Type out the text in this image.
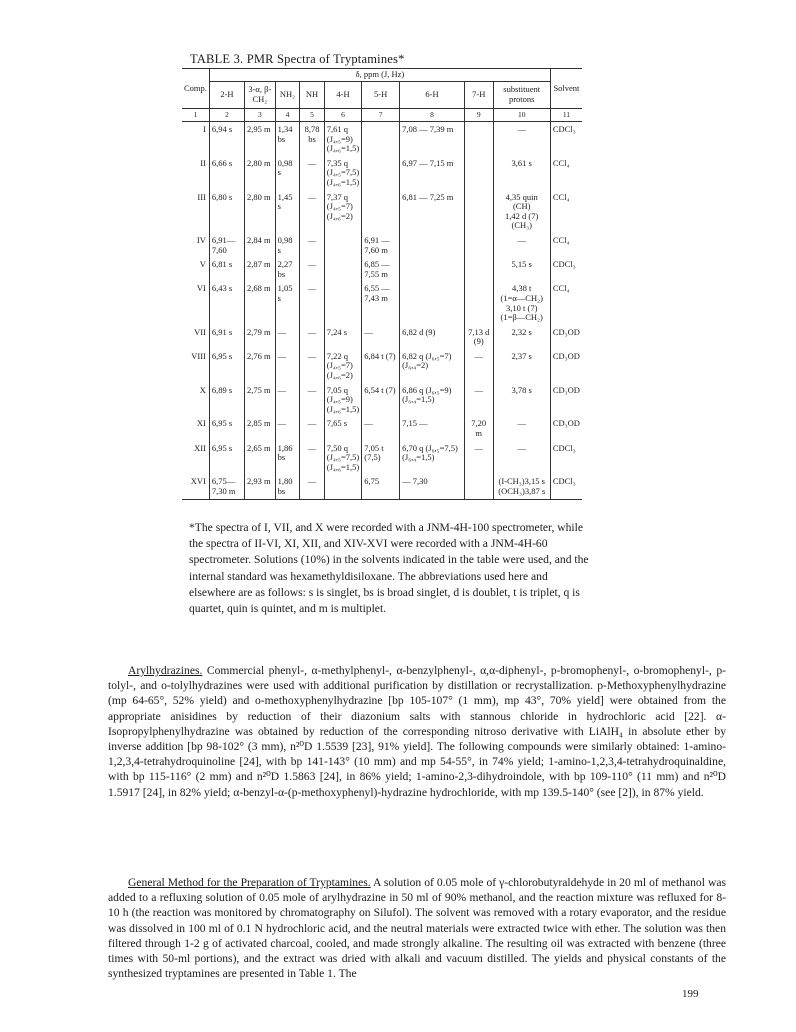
TABLE 3. PMR Spectra of Tryptamines*
Comp.	δ, ppm (J, Hz)									Solvent
	2-H	3-α, β-CH₂	NH₂	NH	4-H	5-H	6-H	7-H	substituent protons	
1	2	3	4	5	6	7	8	9	10	11
I	6,94 s	2,95 m	1,34 bs	8,78 bs	7,61 q
(J₄,₅=9)
(J₄,₆=1,5)		7,08 — 7,39 m		—	CDCl₃
II	6,66 s	2,80 m	0,98 s	—	7,35 q
(J₄,₅=7,5)
(J₄,₆=1,5)		6,97 — 7,15 m		3,61 s	CCl₄
III	6,80 s	2,80 m	1,45 s	—	7,37 q
(J₄,₅=7)
(J₄,₆=2)		6,81 — 7,25 m		4,35 quin
(CH)
1,42 d (7)
(CH₃)	CCl₄
IV	6,91—7,60	2,84 m	0,98 s	—		6,91 — 7,60 m			—	CCl₄
V	6,81 s	2,87 m	2,27 bs	—		6,85 — 7,55 m			5,15 s	CDCl₃
VI	6,43 s	2,68 m	1,05 s	—		6,55 — 7,43 m			4,38 t
(1=α—CH₂)
3,10 t (7)
(1=β—CH₂)	CCl₄
VII	6,91 s	2,79 m	—	—	7,24 s	—	6,82 d (9)	7,13 d (9)	2,32 s	CD₃OD
VIII	6,95 s	2,76 m	—	—	7,22 q
(J₄,₅=7)
(J₄,₆=2)	6,84 t (7)	6,82 q (J₆,₅=7) (J₆,₄=2)	—	2,37 s	CD₃OD
X	6,89 s	2,75 m	—	—	7,05 q
(J₄,₅=9)
(J₄,₆=1,5)	6,54 t (7)	6,86 q (J₆,₅=9) (J₆,₄=1,5)	—	3,78 s	CD₃OD
XI	6,95 s	2,85 m	—	—	7,65 s	—	7,15 —	7,20 m	—	CD₃OD
XII	6,95 s	2,65 m	1,86 bs	—	7,50 q
(J₄,₅=7,5)
(J₄,₆=1,5)	7,05 t (7,5)	6,70 q (J₆,₅=7,5) (J₆,₄=1,5)	—	—	CDCl₃
XVI	6,75—7,30 m	2,93 m	1,80 bs	—		6,75	— 7,30		(I-CH₃)3,15 s
(OCH₃)3,87 s	CDCl₃

*The spectra of I, VII, and X were recorded with a JNM-4H-100 spectrometer, while the spectra of II-VI, XI, XII, and XIV-XVI were recorded with a JNM-4H-60 spectrometer. Solutions (10%) in the solvents indicated in the table were used, and the internal standard was hexamethyldisiloxane. The abbreviations used here and elsewhere are as follows: s is singlet, bs is broad singlet, d is doublet, t is triplet, q is quartet, quin is quintet, and m is multiplet.

Arylhydrazines. Commercial phenyl-, α-methylphenyl-, α-benzylphenyl-, α,α-diphenyl-, p-bromophenyl-, o-bromophenyl-, p-tolyl-, and o-tolylhydrazines were used with additional purification by distillation or recrystallization. p-Methoxyphenylhydrazine (mp 64-65°, 52% yield) and o-methoxyphenylhydrazine [bp 105-107° (1 mm), mp 43°, 70% yield] were obtained from the appropriate anisidines by reduction of their diazonium salts with stannous chloride in hydrochloric acid [22]. α-Isopropylphenylhydrazine was obtained by reduction of the corresponding nitroso derivative with LiAlH₄ in absolute ether by inverse addition [bp 98-102° (3 mm), n²⁰D 1.5539 [23], 91% yield]. The following compounds were similarly obtained: 1-amino-1,2,3,4-tetrahydroquinoline [24], with bp 141-143° (10 mm) and mp 54-55°, in 74% yield; 1-amino-1,2,3,4-tetrahydroquinaldine, with bp 115-116° (2 mm) and n²⁰D 1.5863 [24], in 86% yield; 1-amino-2,3-dihydroindole, with bp 109-110° (11 mm) and n²⁰D 1.5917 [24], in 82% yield; α-benzyl-α-(p-methoxyphenyl)-hydrazine hydrochloride, with mp 139.5-140° (see [2]), in 87% yield.

General Method for the Preparation of Tryptamines. A solution of 0.05 mole of γ-chlorobutyraldehyde in 20 ml of methanol was added to a refluxing solution of 0.05 mole of arylhydrazine in 50 ml of 90% methanol, and the reaction mixture was refluxed for 8-10 h (the reaction was monitored by chromatography on Silufol). The solvent was removed with a rotary evaporator, and the residue was dissolved in 100 ml of 0.1 N hydrochloric acid, and the neutral materials were extracted twice with ether. The solution was then filtered through 1-2 g of activated charcoal, cooled, and made strongly alkaline. The resulting oil was extracted with benzene (three times with 50-ml portions), and the extract was dried with alkali and vacuum distilled. The yields and physical constants of the synthesized tryptamines are presented in Table 1. The

199
